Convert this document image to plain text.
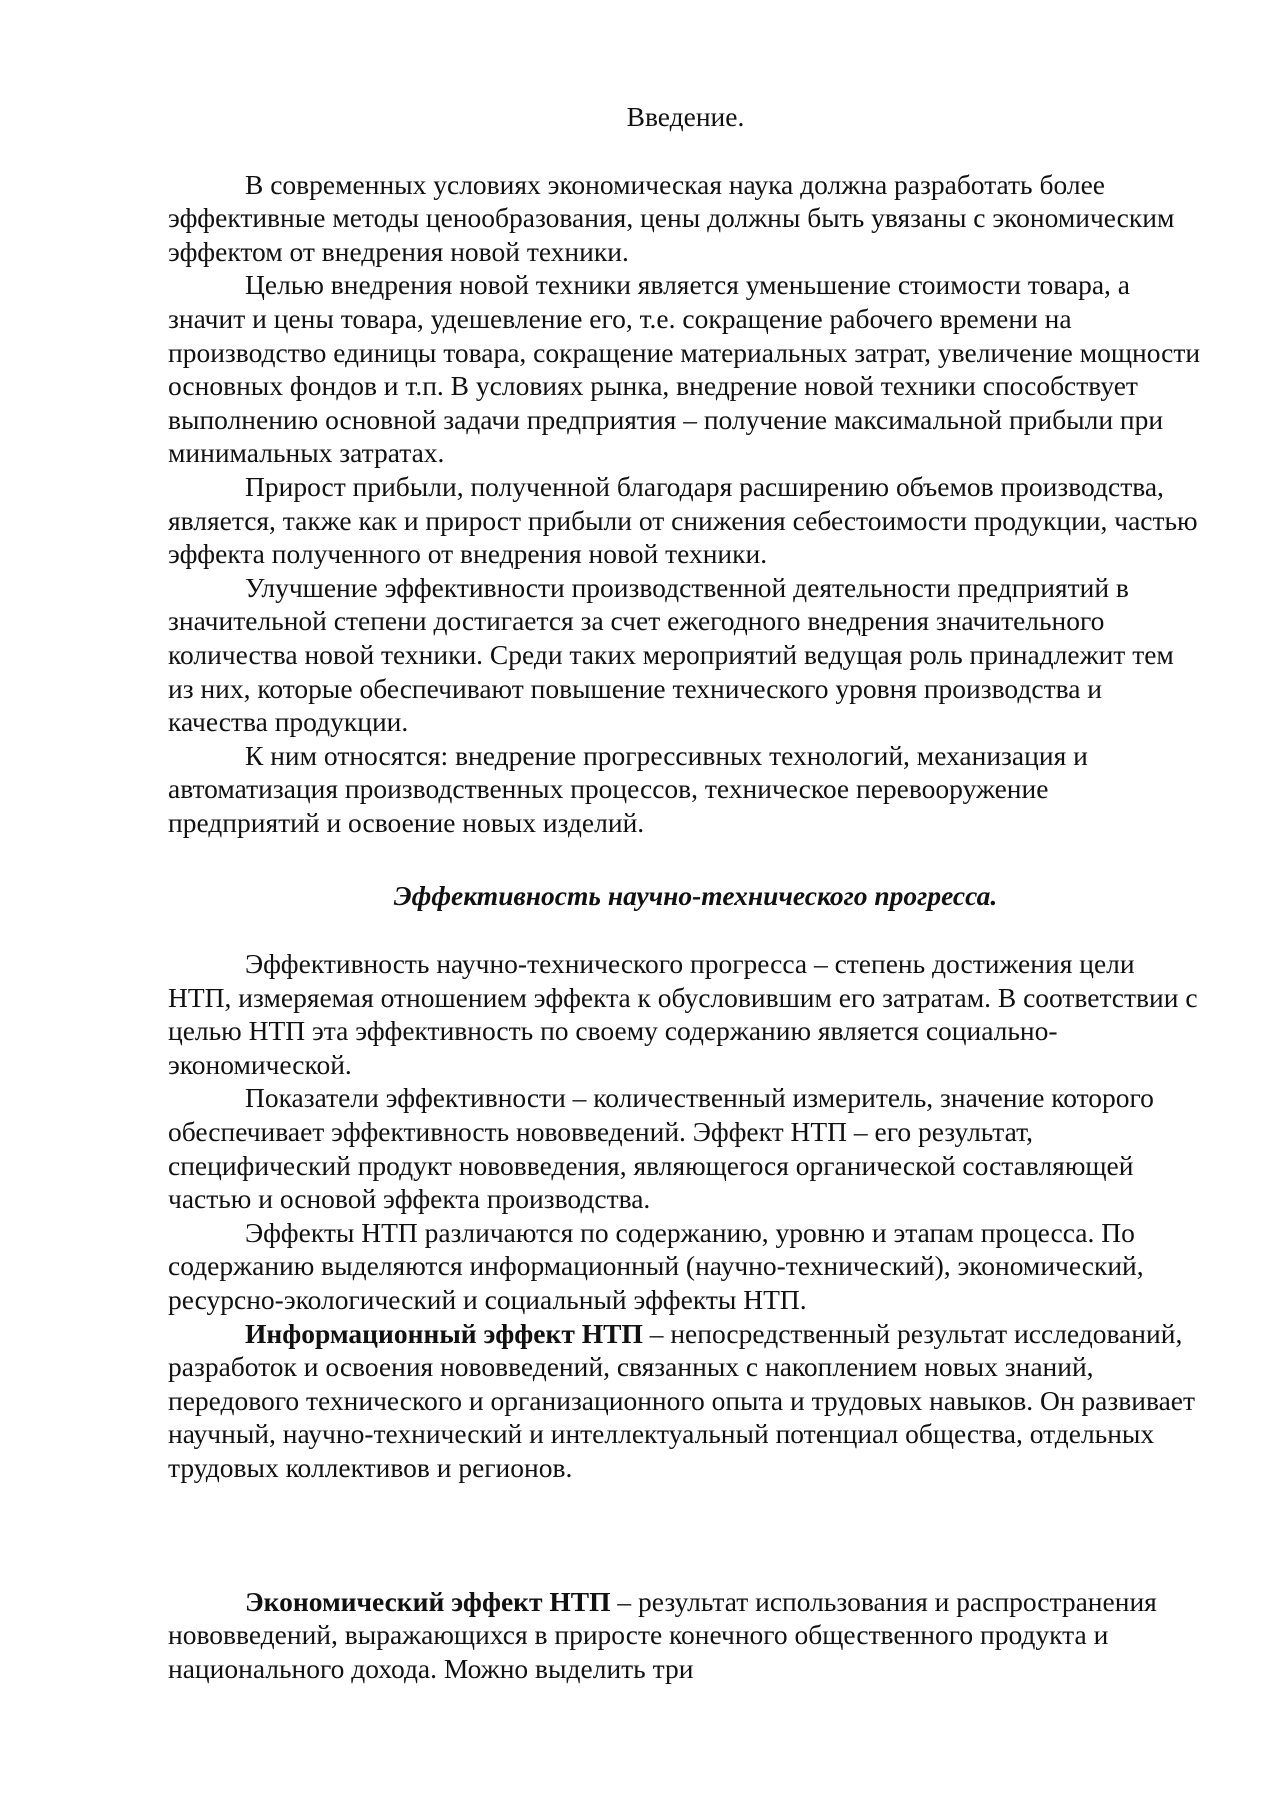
Введение.

В современных условиях экономическая наука должна разработать более эффективные методы ценообразования, цены должны быть увязаны с экономическим эффектом от внедрения новой техники.

Целью внедрения новой техники является уменьшение стоимости товара, а значит и цены товара, удешевление его, т.е. сокращение рабочего времени на производство единицы товара, сокращение материальных затрат, увеличение мощности основных фондов и т.п. В условиях рынка, внедрение новой техники способствует выполнению основной задачи предприятия – получение максимальной прибыли при минимальных затратах.

Прирост прибыли, полученной благодаря расширению объемов производства, является, также как и прирост прибыли от снижения себестоимости продукции, частью эффекта полученного от внедрения новой техники.

Улучшение эффективности производственной деятельности предприятий в значительной степени достигается за счет ежегодного внедрения значительного количества новой техники. Среди таких мероприятий ведущая роль принадлежит тем из них, которые обеспечивают повышение технического уровня производства и качества продукции.

К ним относятся: внедрение прогрессивных технологий, механизация и автоматизация производственных процессов, техническое перевооружение предприятий и освоение новых изделий.

Эффективность научно-технического прогресса.

Эффективность научно-технического прогресса – степень достижения цели НТП, измеряемая отношением эффекта к обусловившим его затратам. В соответствии с целью НТП эта эффективность по своему содержанию является социально-экономической.

Показатели эффективности – количественный измеритель, значение которого обеспечивает эффективность нововведений. Эффект НТП – его результат, специфический продукт нововведения, являющегося органической составляющей частью и основой эффекта производства.

Эффекты НТП различаются по содержанию, уровню и этапам процесса. По содержанию выделяются информационный (научно-технический), экономический, ресурсно-экологический и социальный эффекты НТП.

Информационный эффект НТП – непосредственный результат исследований, разработок и освоения нововведений, связанных с накоплением новых знаний, передового технического и организационного опыта и трудовых навыков. Он развивает научный, научно-технический и интеллектуальный потенциал общества, отдельных трудовых коллективов и регионов.

Экономический эффект НТП – результат использования и распространения нововведений, выражающихся в приросте конечного общественного продукта и национального дохода. Можно выделить три
